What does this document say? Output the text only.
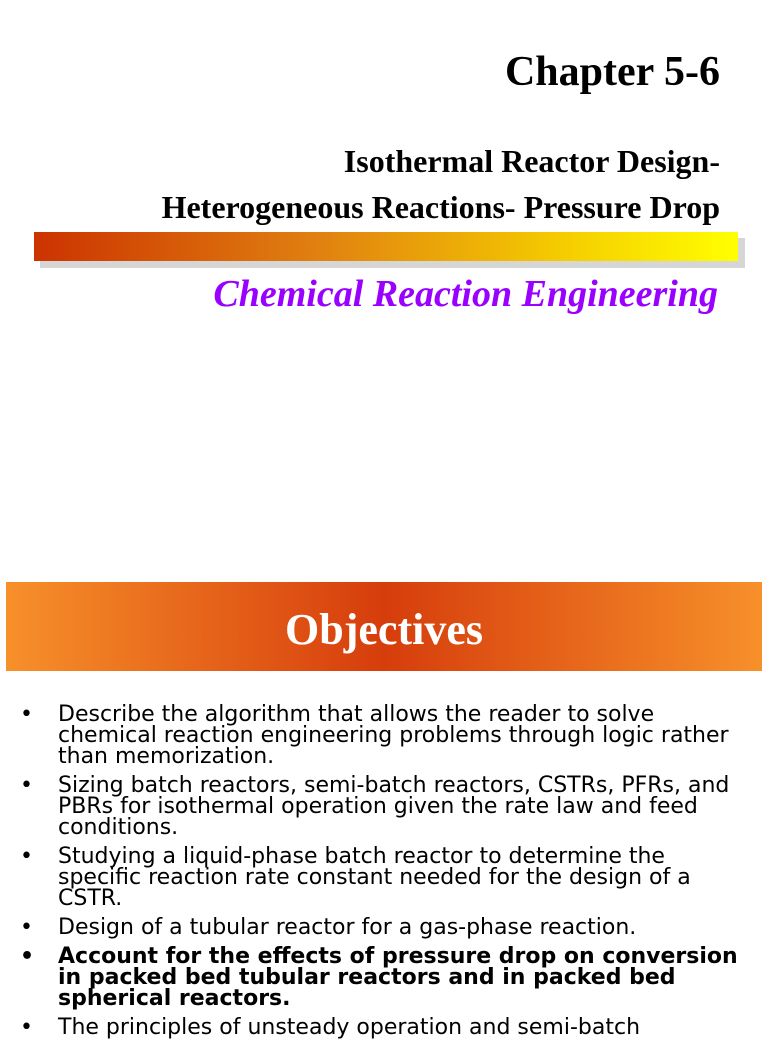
Chapter 5-6
Isothermal Reactor Design-
Heterogeneous Reactions- Pressure Drop
Chemical Reaction Engineering
Objectives
•	Describe the algorithm that allows the reader to solve chemical reaction engineering problems through logic rather than memorization.
•	Sizing batch reactors, semi-batch reactors, CSTRs, PFRs, and PBRs for isothermal operation given the rate law and feed conditions.
•	Studying a liquid-phase batch reactor to determine the specific reaction rate constant needed for the design of a CSTR.
•	Design of a tubular reactor for a gas-phase reaction.
• Account for the effects of pressure drop on conversion in packed bed tubular reactors and in packed bed spherical reactors.
•	The principles of unsteady operation and semi-batch
